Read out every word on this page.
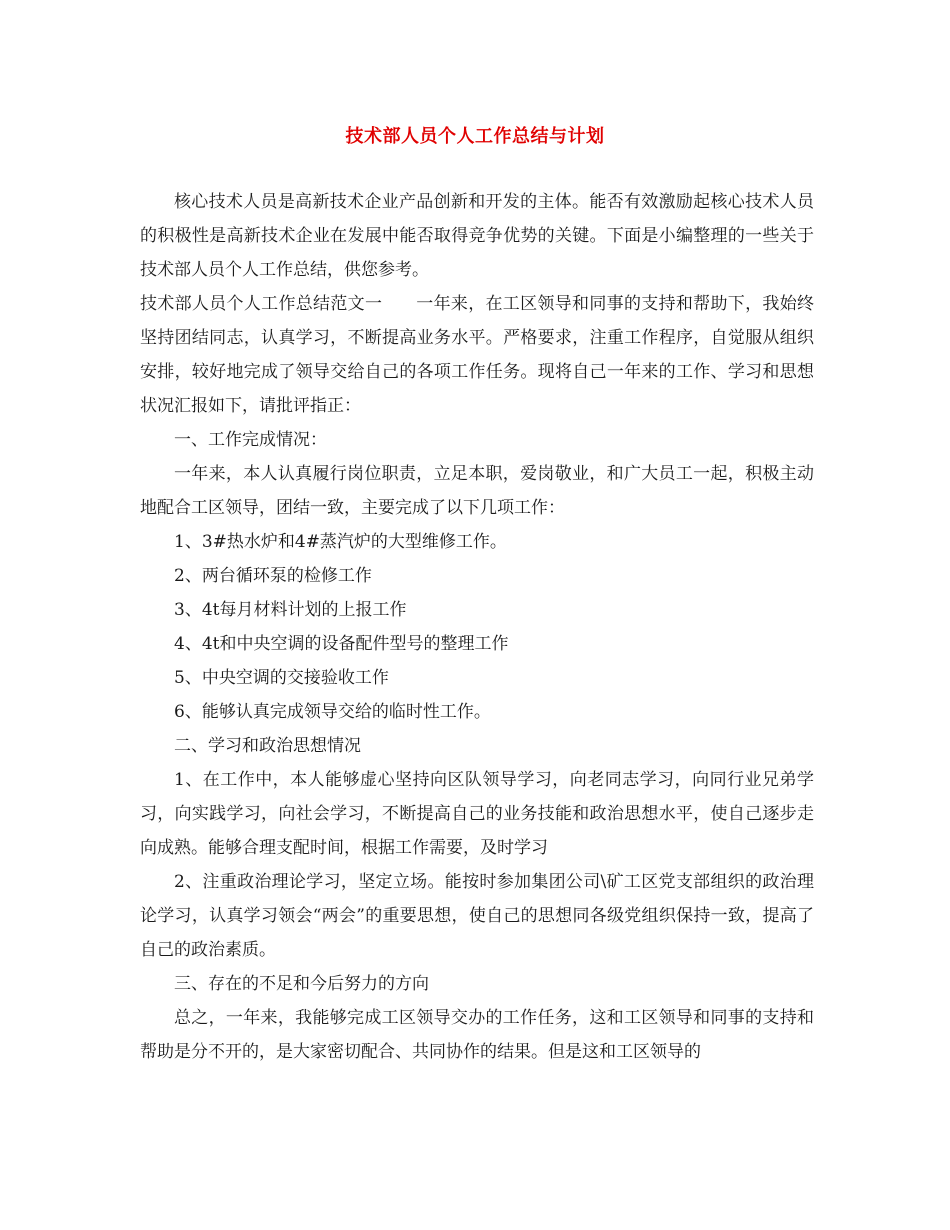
技术部人员个人工作总结与计划

核心技术人员是高新技术企业产品创新和开发的主体。能否有效激励起核心技术人员的积极性是高新技术企业在发展中能否取得竞争优势的关键。下面是小编整理的一些关于技术部人员个人工作总结，供您参考。

技术部人员个人工作总结范文一 一年来，在工区领导和同事的支持和帮助下，我始终坚持团结同志，认真学习，不断提高业务水平。严格要求，注重工作程序，自觉服从组织安排，较好地完成了领导交给自己的各项工作任务。现将自己一年来的工作、学习和思想状况汇报如下，请批评指正：

一、工作完成情况：

一年来，本人认真履行岗位职责，立足本职，爱岗敬业，和广大员工一起，积极主动地配合工区领导，团结一致，主要完成了以下几项工作：

1、3#热水炉和4#蒸汽炉的大型维修工作。

2、两台循环泵的检修工作

3、4t每月材料计划的上报工作

4、4t和中央空调的设备配件型号的整理工作

5、中央空调的交接验收工作

6、能够认真完成领导交给的临时性工作。

二、学习和政治思想情况

1、在工作中，本人能够虚心坚持向区队领导学习，向老同志学习，向同行业兄弟学习，向实践学习，向社会学习，不断提高自己的业务技能和政治思想水平，使自己逐步走向成熟。能够合理支配时间，根据工作需要，及时学习

2、注重政治理论学习，坚定立场。能按时参加集团公司\矿工区党支部组织的政治理论学习，认真学习领会“两会”的重要思想，使自己的思想同各级党组织保持一致，提高了自己的政治素质。

三、存在的不足和今后努力的方向

总之，一年来，我能够完成工区领导交办的工作任务，这和工区领导和同事的支持和帮助是分不开的，是大家密切配合、共同协作的结果。但是这和工区领导的
